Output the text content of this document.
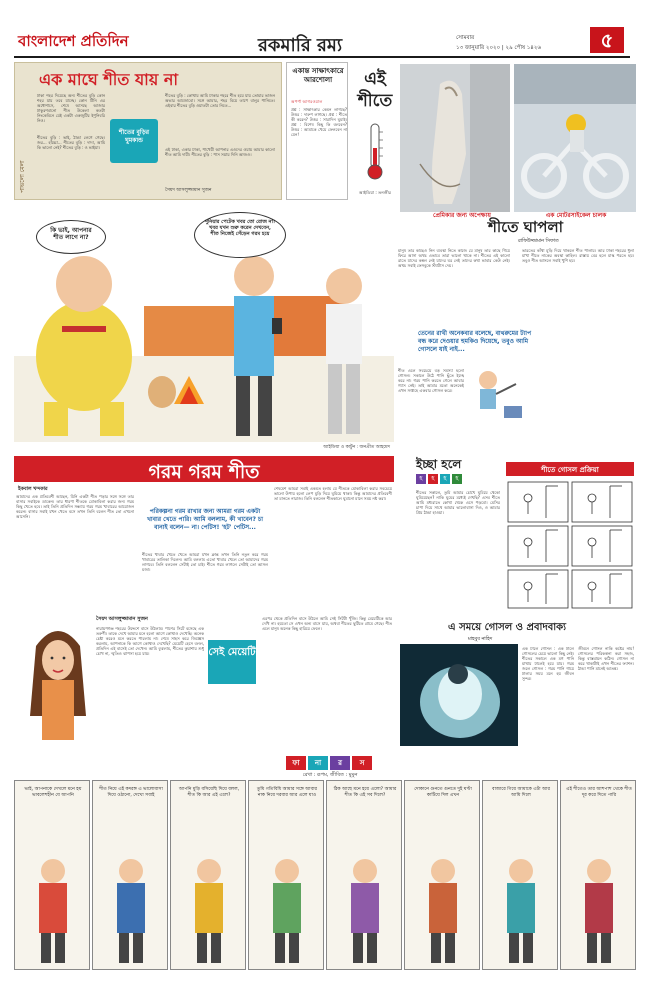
বাংলাদেশ প্রতিদিন	রকমারি রম্য	সোমবার
১৩ জানুয়ারি ২০২০ | ২৯ পৌষ ১৪২৬	৫
পাভলো মেলা
এক মাঘে শীত যায় না
ঢাকা শহর দিয়েছে অন্য শীতের বুড়ি কোন শহর যায় তবে যাচ্ছে। কোন টিনি এর অধোশাসে, শেষে আসছে আজার ঢাকুরশবানো শীত উকেলা কতটা নিংকেবিনে যেই একটা একজুটির ইণুনিবরি নিও।
শীতের বুড়ি : ভাই, ঠান্ডা লেগে গেছে। জর... হাঁচ্চো... শীতের বুড়ি : দাদা, আমি কি ভালো নেই? শীতের বুড়ি : ও ভাইয়া।
শীতের বুড়ি : কোথায় আমি ঢাকার শহরে শীত হয়ে যায় তোমার ভাজন অভার আজোবো। সঙ্গে আমার, শহর বিয়ে তাপে বালুর পানিতে। এইবার শীতের বুড়ি ওয়াতটা তোর নিতে...
এই ঢাকা, একার ঢাকা, পাখেয়ী আপনার এওদের ওয়ায় আমার কালো শীত আমি দায়ী। শীতের বুড়ি : পাস সয়ায় দিনি আজও।
শীতের বুড়ির ঘুমকান্ড
সৈয়দ আসলুজ্জামান সুজন
একান্ত সাক্ষাৎকারে আরশোলা
অপর্ণা আগরওয়াল
প্রশ্ন : সাক্ষাৎকার কেমন লাগছে? উত্তর : দারুণ লাগছে। প্রশ্ন : শীতে কী করেন? উত্তর : সারাদিন ঘুমাই। প্রশ্ন : বিশেষ কিছু কি বলবেন? উত্তর : আমাকে খেয়ে ফেলবেন না যেন!
এই শীতে
আইডিয়া : তনজীর
প্রেমিকার জন্য অপেক্ষায়	এক মোটরসাইকেল চালক
কি ভাই, আপনার শীত লাগে না?
দুনিয়ার পেটেক খবর তো রোজ না। খবর যখন শুরু করেন দেখবেন, শীত নিজেই সেঁড়েন গরম হয়ে
আইডিয়া ও কার্টুন : জনপ্রীত আহমেদ
শীতে ঘাপলা
রাফিউজ্জামান সিফাত
মানুষ তার কাছেও নিন ব্যবস্থা নিতে কাজে যে মানুষ তার কাছে গিয়ে ফিরে আসা অথচ এভাবে তারা ভালো থাকে না। শীতের এই কালো রাতে যাদের কম্বল নেই যাদের ঘর নেই তাদের কথা ভাবার কেউ নেই। অথচ সবাই ফেসবুকে স্ট্যাটাস দেয়।
তেনের রাখী অনেকবার বলেছে, বাথরুমের ট্যাপ বন্ধ করে দেওয়ার হুমকিও দিয়েছে, তবুও আমি গোসলে যাই নাই...
শীত এলে সবচেয়ে বড় সমস্যা হলো গোসল। সকালে উঠে পানি ছুঁতে ইচ্ছে করে না। গরম পানি করতে গেলে আবার গ্যাস নেই। তাই আমার মতো অনেকেই এখন সপ্তাহে একবার গোসল করে।
ভারতের কাঁথা মুড়ি দিয়ে থাকলে শীত পালায়। আর ঢাকা শহরের ধুলা মাখা শীতে নাকের অবস্থা কাহিল। রাস্তায় বের হলে মাস্ক পরতে হয়। তবুও শীত আসলে সবাই খুশি হয়।
গরম গরম শীত
ইকবাল খন্দকার
আমাদের এক প্রতিবেশী আছেন, যিনি একটা শীত পড়ার সঙ্গে সঙ্গে তার বাসার সবাইকে ডাকেন। তার ধারণা শীতকে মোকাবিলা করার জন্য গরম কিছু খেতে হবে। তাই তিনি প্রতিদিন সন্ধ্যায় গরম গরম খাবারের আয়োজন করেন। বাসার সবাই যখন খেতে বসে তখন তিনি বলেন শীত তো এখনো আসেনি।
পরিকল্পনা গরম রাখার জন্য আমরা গরম একটা খাবার খেতে পারি। আমি বললাম, কী খাবেন? চা বানাই বলেন— না। পেটিস! 'হট' পেটিস...
শীতের খাবার খেতে খেতে আমরা যখন ক্লান্ত তখন তিনি নতুন করে গরম খাবারের তালিকা দিলেন। আমি বললাম এতো খাবার খেলে তো আমাদের গরম লাগবে। তিনি বললেন সেটাই তো চাই। শীতে গরম লাগলে সেটাই তো আসল মজা।
শেষমেশ আমরা সবাই একমত হলাম যে শীতকে মোকাবিলা করার সবচেয়ে ভালো উপায় হলো লেপ মুড়ি দিয়ে ঘুমিয়ে থাকা। কিন্তু আমাদের প্রতিবেশী তা মানতে নারাজ। তিনি বললেন শীতকালে ঘুমানো মানে সময় নষ্ট করা।
ইচ্ছা হলে
হ	হ	হ	হ
শীতের সকালে, তুমি আমার চোখে ঘুমিয়ে থেকো ঘুমিয়েছেন? নাকি ঘুমের মধ্যেই দেখছি? এসব শীতে আমি মধ্যরাতে কোথা থেকে এসে পড়বো। মেসির চাপা দিয়ে সাথে আমার ভালোবাসা দিও, ও আমার প্রিয় ঠান্ডা হাওয়া।
শীতে গোসল প্রক্রিয়া
সৈয়দ আসলুজ্জামান সুজন
নারায়ণগঞ্জ শহরের উদ্দেশে বাসে উঠলাম। পাশের সিটে বসেছে এক তরুণী। তাকে দেখে আমার মনে হলো আগে কোথাও দেখেছি। অনেক চেষ্টা করেও মনে করতে পারলাম না। শেষে সাহস করে জিজ্ঞেস করলাম, আপনাকে কি আগে কোথাও দেখেছি? মেয়েটি হেসে বলল, প্রতিদিন এই বাসেই তো দেখেন। আমি বুঝলাম, শীতের কুয়াশায় শুধু চোখ না, স্মৃতিও ঝাপসা হয়ে যায়।	সেই মেয়েটি
এরপর থেকে প্রতিদিন বাসে উঠলে আমি সেই সিটটা খুঁজি। কিন্তু মেয়েটিকে আর দেখি না। হয়তো সে এখন অন্য বাসে যায়, অথবা শীতের ছুটিতে গ্রামে গেছে। শীত এলে মানুষ অনেক কিছু হারিয়ে ফেলে।	এ সময়ে গোসল ও প্রবাদবাক্য
মাহবুব নাহিদ
এক ঢালে গোসল : এক ঢালে গোসলের চেয়ে ভালো কিছু নেই। শীতের সকালে এক মগ পানি মাথায় ঢালেই হয়ে যায়। গরম জলে গোসল : গরম পানি গায়ে ঢালার সময় মনে হয় জীবন সুন্দর।
জীবনে গোসল নাকি কষ্টের নাম! গোসলের পরিকল্পনা করা সহজ, কিন্তু বাস্তবায়ন কঠিন। গোসল না করে থাকাটাই এখন শীতের ফ্যাশন। ঠান্ডা পানি মানেই আতঙ্ক।
ফা	না	র	স
রেখা : রূপম, জীবিত : মুমুন
ভাই, আপনাকে দেখলে মনে হয় ভাবলেশহীন যে আপনি
শীত নিয়ে এই কদরঙ্গ এ ভালোবাসা দিয়ে ওঠানো, দেখো সবাই
আপনি মুড়ি বসিয়েছি দিয়ে বলল, শীত কি আর এই এলে?
তুমি গতিবিধি আমার সঙ্গে আবার নাক নিয়ে দরবার আর এলে যাও
ঠিক আছে মনে হয়ে এলো? আমার শীত কি এই সব দিলে?
দোকানে গুনতে গুনতে দুই ঘণ্টা কাটিয়ে দিল এখন
বাজারে গিয়ে আমাকে এটা আর আমি দিলে
এই শীতেও তার আশপাশ থেকে শীত দূর করে দিতে পারি
